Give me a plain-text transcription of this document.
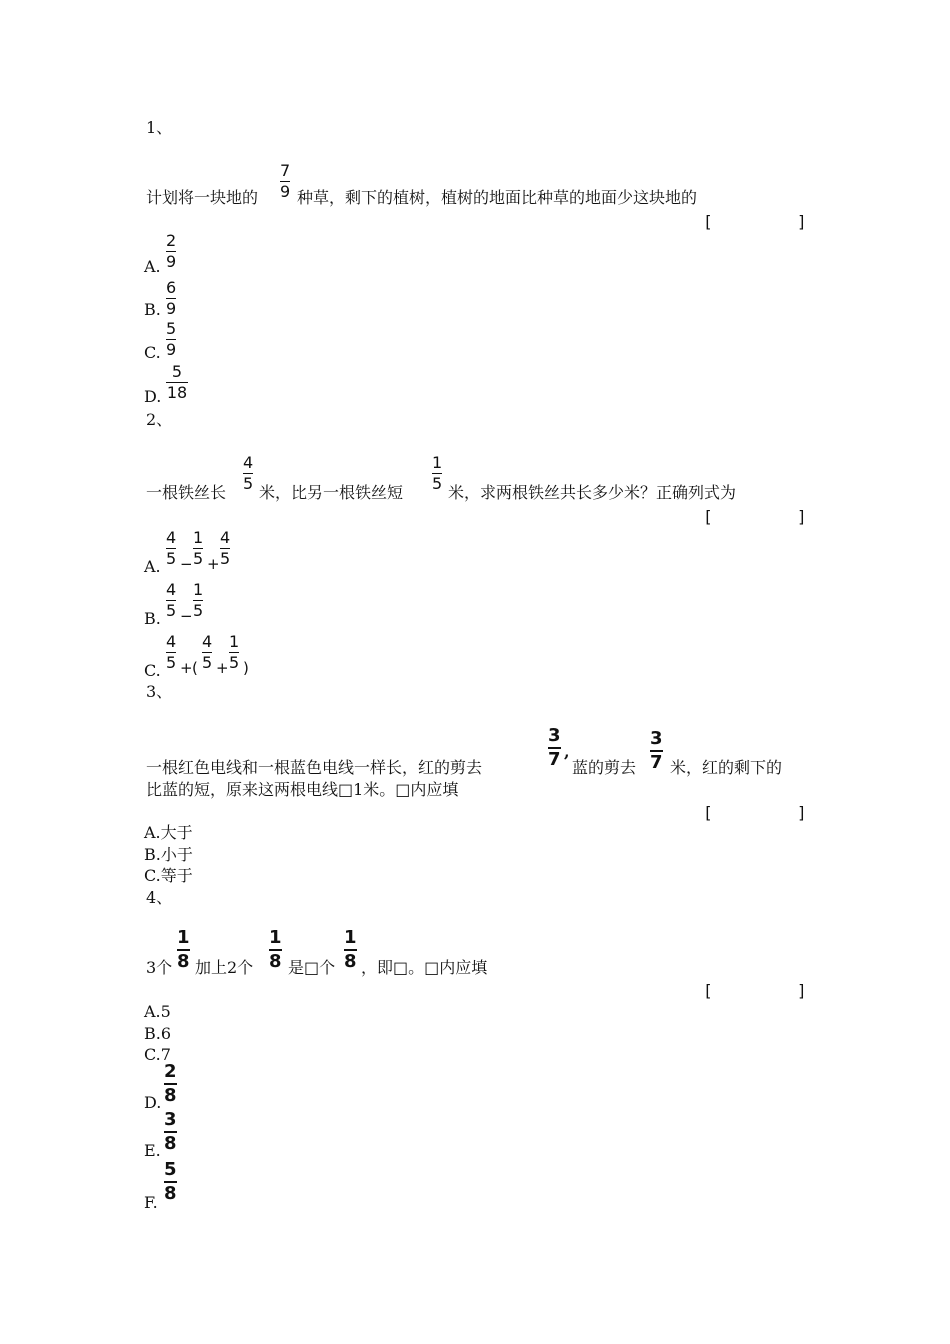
1、
计划将一块地的
7
9 种草，剩下的植树，植树的地面比种草的地面少这块地的
[	]
A.
2
9
B.
6
9
C.
5
9
D.
5
18
2、
一根铁丝长
4
5 米，比另一根铁丝短
1
5 米，求两根铁丝共长多少米？正确列式为
[	]
A.
4
5 −
1
5 +
4
5
B.
4
5 −
1
5
C.
4
5 + (
4
5 +
1
5 )
3、
一根红色电线和一根蓝色电线一样长，红的剪去
3
7 ,
蓝的剪去
3
7 米，红的剩下的
比蓝的短，原来这两根电线□1米。□内应填
[	]
A.大于
B.小于
C.等于
4、
3个
1
8 加上2个
1
8 是□个
1
8 ，即□。□内应填
[	]
A.5
B.6
C.7
D.
2
8
E.
3
8
F.
5
8
